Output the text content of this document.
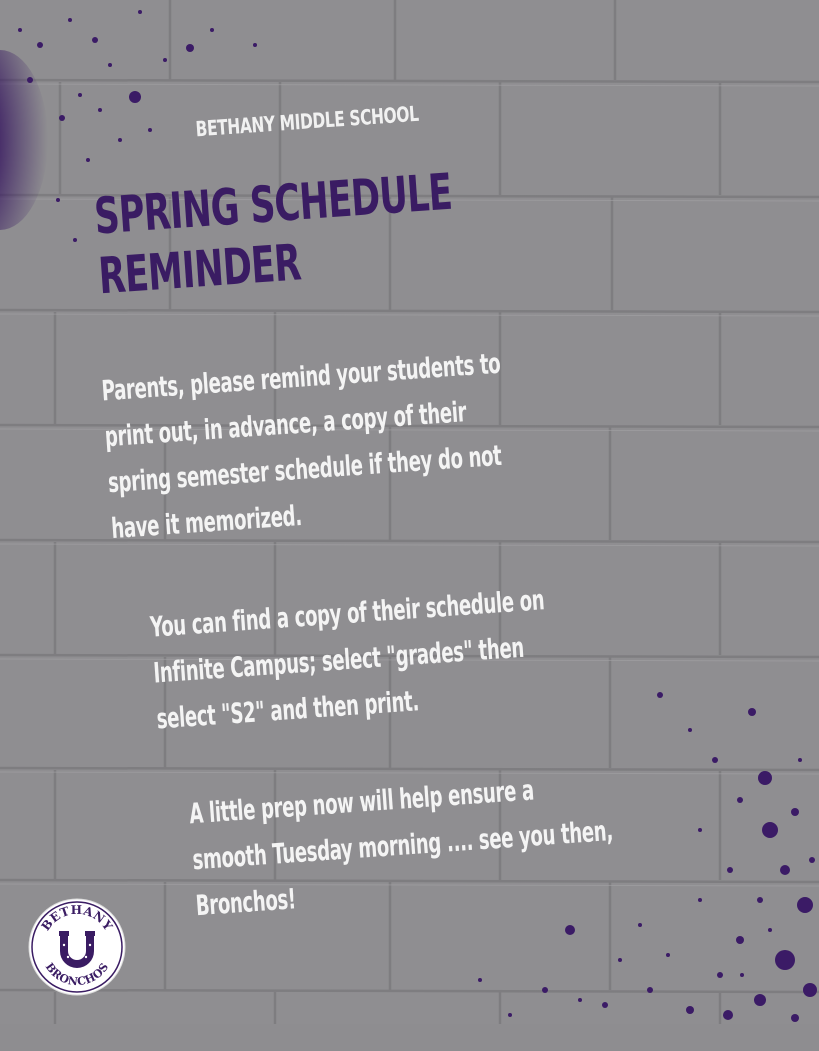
BETHANY MIDDLE SCHOOL
SPRING SCHEDULE
REMINDER
Parents, please remind your students to
print out, in advance, a copy of their
spring semester schedule if they do not
have it memorized.
You can find a copy of their schedule on
Infinite Campus; select "grades" then
select "S2" and then print.
A little prep now will help ensure a
smooth Tuesday morning .... see you then,
Bronchos!
BETHANY
BRONCHOS
